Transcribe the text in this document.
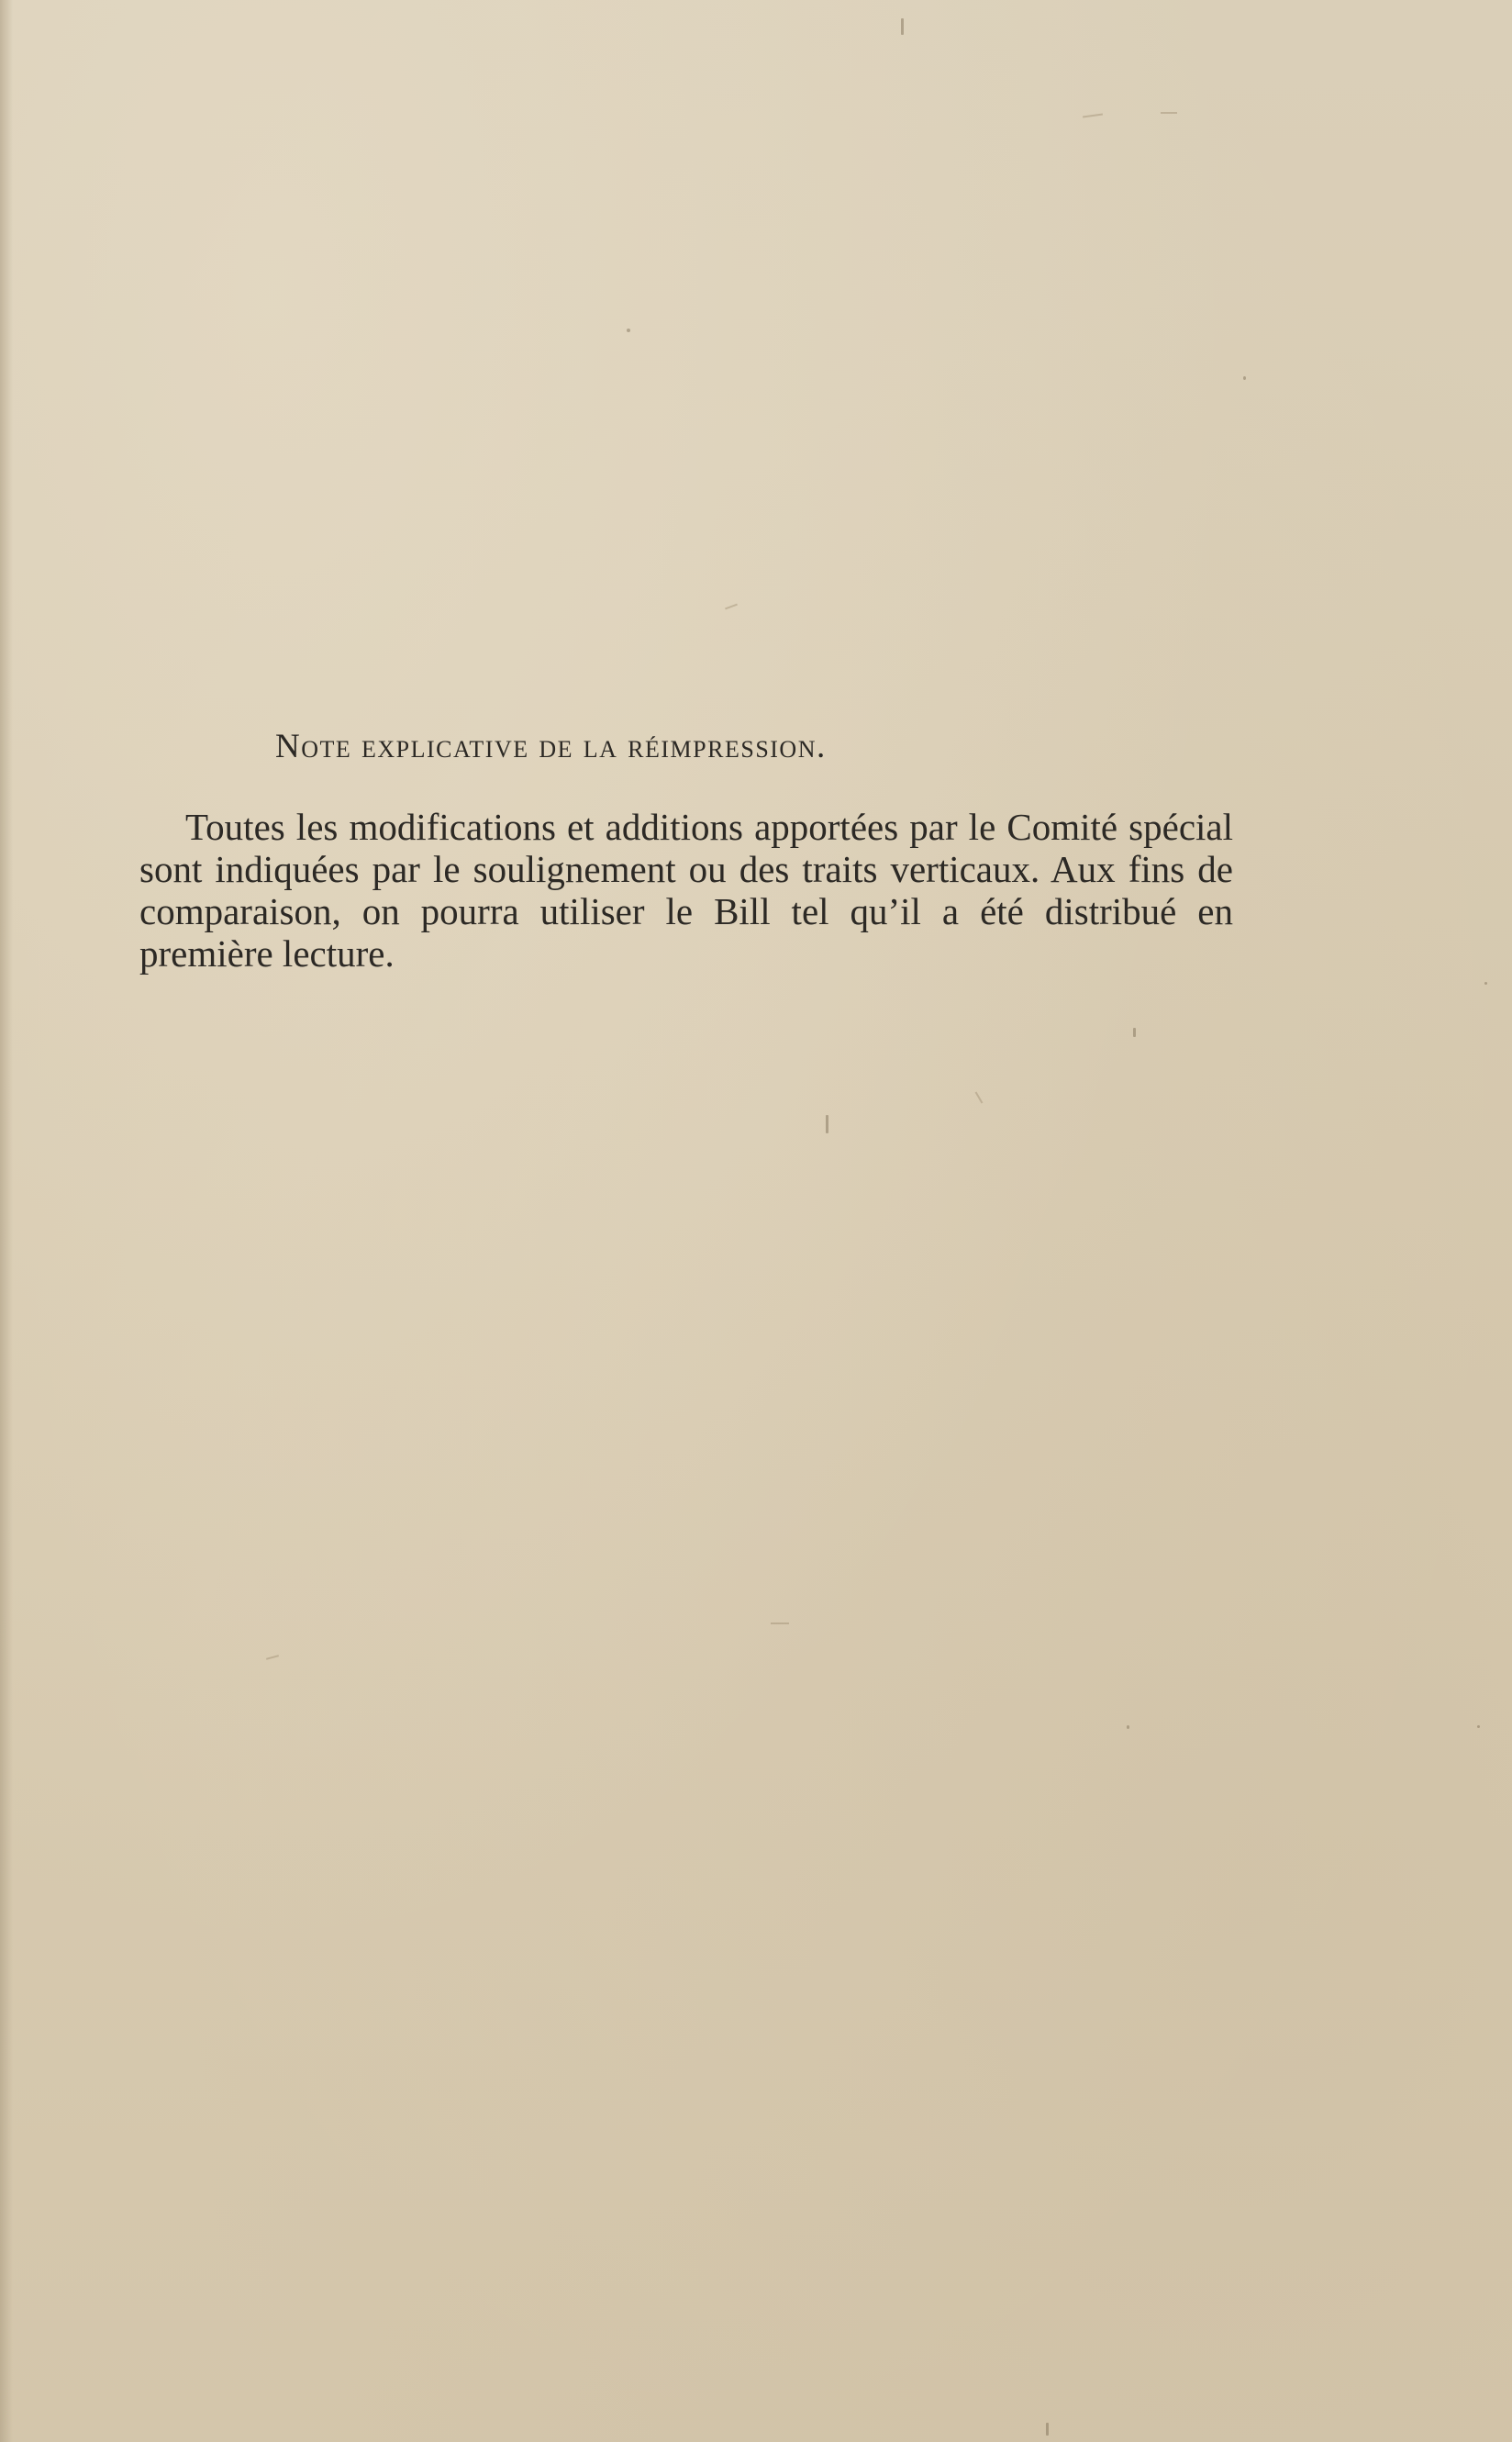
Note explicative de la réimpression.

Toutes les modifications et additions apportées par le Comité spécial sont indiquées par le soulignement ou des traits verticaux. Aux fins de comparaison, on pourra utiliser le Bill tel qu’il a été distribué en première lecture.
